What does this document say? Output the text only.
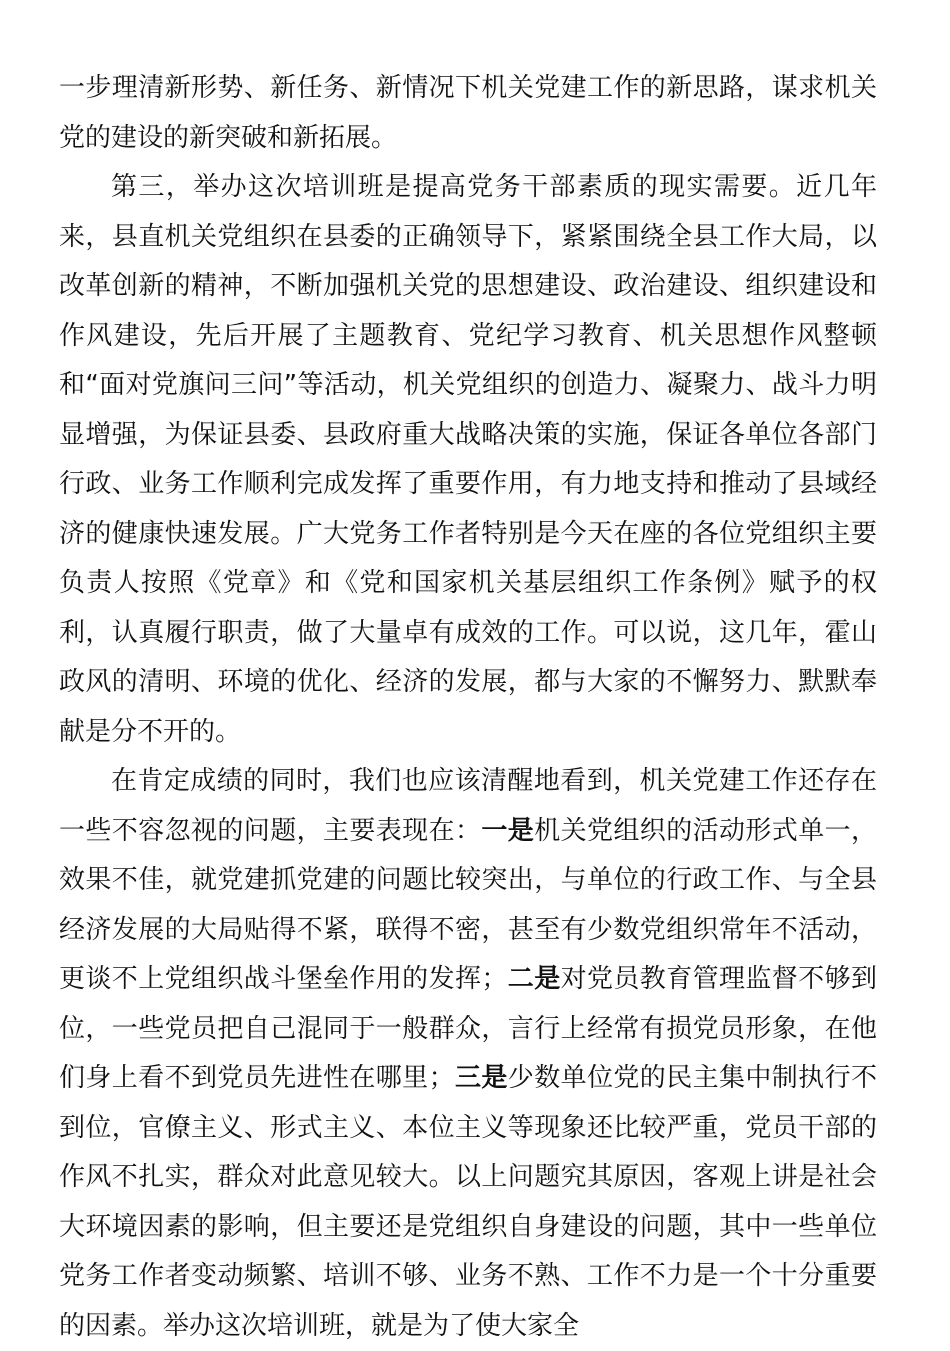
一步理清新形势、新任务、新情况下机关党建工作的新思路，谋求机关党的建设的新突破和新拓展。

第三，举办这次培训班是提高党务干部素质的现实需要。近几年来，县直机关党组织在县委的正确领导下，紧紧围绕全县工作大局，以改革创新的精神，不断加强机关党的思想建设、政治建设、组织建设和作风建设，先后开展了主题教育、党纪学习教育、机关思想作风整顿和“面对党旗问三问”等活动，机关党组织的创造力、凝聚力、战斗力明显增强，为保证县委、县政府重大战略决策的实施，保证各单位各部门行政、业务工作顺利完成发挥了重要作用，有力地支持和推动了县域经济的健康快速发展。广大党务工作者特别是今天在座的各位党组织主要负责人按照《党章》和《党和国家机关基层组织工作条例》赋予的权利，认真履行职责，做了大量卓有成效的工作。可以说，这几年，霍山政风的清明、环境的优化、经济的发展，都与大家的不懈努力、默默奉献是分不开的。

在肯定成绩的同时，我们也应该清醒地看到，机关党建工作还存在一些不容忽视的问题，主要表现在：一是机关党组织的活动形式单一，效果不佳，就党建抓党建的问题比较突出，与单位的行政工作、与全县经济发展的大局贴得不紧，联得不密，甚至有少数党组织常年不活动，更谈不上党组织战斗堡垒作用的发挥；二是对党员教育管理监督不够到位，一些党员把自己混同于一般群众，言行上经常有损党员形象，在他们身上看不到党员先进性在哪里；三是少数单位党的民主集中制执行不到位，官僚主义、形式主义、本位主义等现象还比较严重，党员干部的作风不扎实，群众对此意见较大。以上问题究其原因，客观上讲是社会大环境因素的影响，但主要还是党组织自身建设的问题，其中一些单位党务工作者变动频繁、培训不够、业务不熟、工作不力是一个十分重要的因素。举办这次培训班，就是为了使大家全
